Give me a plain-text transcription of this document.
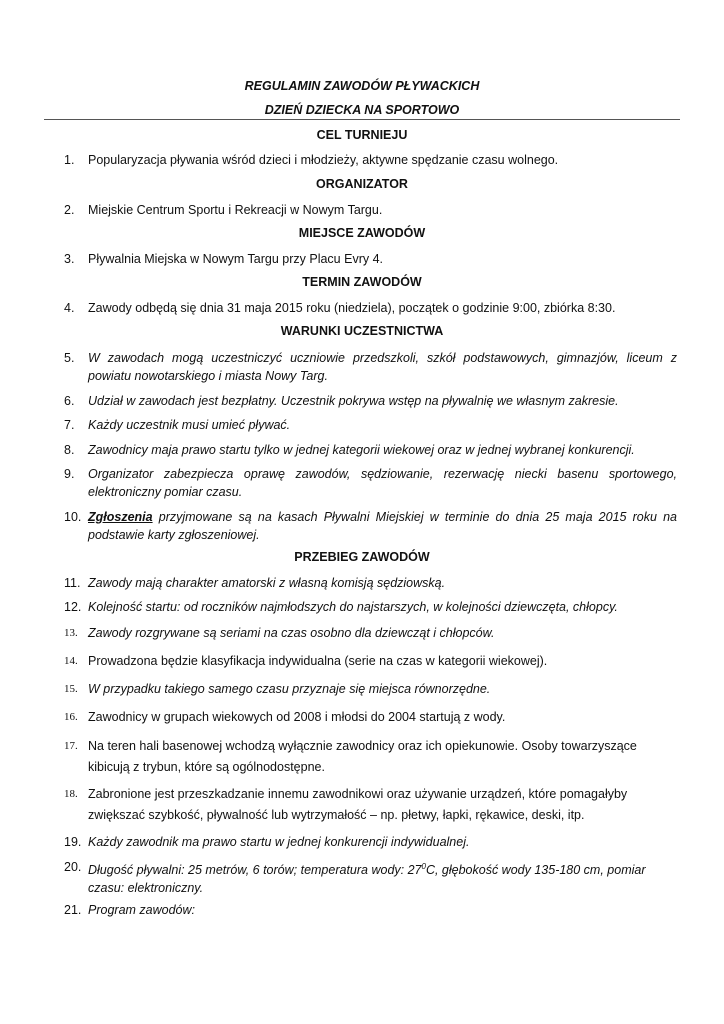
REGULAMIN ZAWODÓW PŁYWACKICH
DZIEŃ DZIECKA NA SPORTOWO
CEL TURNIEJU
1. Popularyzacja pływania wśród dzieci i młodzieży, aktywne spędzanie czasu wolnego.
ORGANIZATOR
2. Miejskie Centrum Sportu i Rekreacji w Nowym Targu.
MIEJSCE ZAWODÓW
3. Pływalnia Miejska w Nowym Targu przy Placu Evry 4.
TERMIN ZAWODÓW
4. Zawody odbędą się dnia 31 maja 2015 roku (niedziela), początek o godzinie 9:00, zbiórka 8:30.
WARUNKI UCZESTNICTWA
5. W zawodach mogą uczestniczyć uczniowie przedszkoli, szkół podstawowych, gimnazjów, liceum z powiatu nowotarskiego i miasta Nowy Targ.
6. Udział w zawodach jest bezpłatny. Uczestnik pokrywa wstęp na pływalnię we własnym zakresie.
7. Każdy uczestnik musi umieć pływać.
8. Zawodnicy maja prawo startu tylko w jednej kategorii wiekowej oraz w jednej wybranej konkurencji.
9. Organizator zabezpiecza oprawę zawodów, sędziowanie, rezerwację niecki basenu sportowego, elektroniczny pomiar czasu.
10. Zgłoszenia przyjmowane są na kasach Pływalni Miejskiej w terminie do dnia 25 maja 2015 roku na podstawie karty zgłoszeniowej.
PRZEBIEG ZAWODÓW
11. Zawody mają charakter amatorski z własną komisją sędziowską.
12. Kolejność startu: od roczników najmłodszych do najstarszych, w kolejności dziewczęta, chłopcy.
13. Zawody rozgrywane są seriami na czas osobno dla dziewcząt i chłopców.
14. Prowadzona będzie klasyfikacja indywidualna (serie na czas w kategorii wiekowej).
15. W przypadku takiego samego czasu przyznaje się miejsca równorzędne.
16. Zawodnicy w grupach wiekowych od 2008 i młodsi do 2004 startują z wody.
17. Na teren hali basenowej wchodzą wyłącznie zawodnicy oraz ich opiekunowie. Osoby towarzyszące kibicują z trybun, które są ogólnodostępne.
18. Zabronione jest przeszkadzanie innemu zawodnikowi oraz używanie urządzeń, które pomagałyby zwiększać szybkość, pływalność lub wytrzymałość – np. płetwy, łapki, rękawice, deski, itp.
19. Każdy zawodnik ma prawo startu w jednej konkurencji indywidualnej.
20. Długość pływalni: 25 metrów, 6 torów; temperatura wody: $27^0C$, głębokość wody 135-180 cm, pomiar czasu: elektroniczny.
21. Program zawodów:
